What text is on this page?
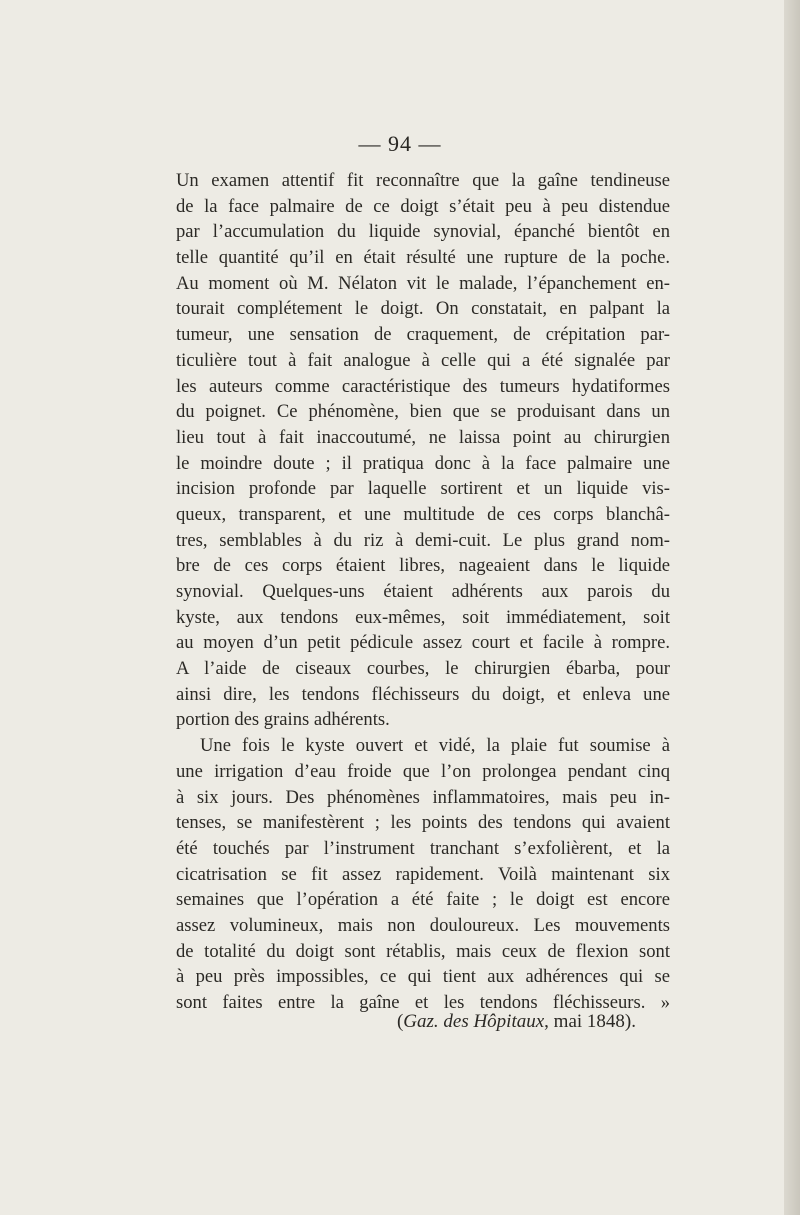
— 94 —
Un examen attentif fit reconnaître que la gaîne tendineuse
de la face palmaire de ce doigt s’était peu à peu distendue
par l’accumulation du liquide synovial, épanché bientôt en
telle quantité qu’il en était résulté une rupture de la poche.
Au moment où M. Nélaton vit le malade, l’épanchement en-
tourait complétement le doigt. On constatait, en palpant la
tumeur, une sensation de craquement, de crépitation par-
ticulière tout à fait analogue à celle qui a été signalée par
les auteurs comme caractéristique des tumeurs hydatiformes
du poignet. Ce phénomène, bien que se produisant dans un
lieu tout à fait inaccoutumé, ne laissa point au chirurgien
le moindre doute ; il pratiqua donc à la face palmaire une
incision profonde par laquelle sortirent et un liquide vis-
queux, transparent, et une multitude de ces corps blanchâ-
tres, semblables à du riz à demi-cuit. Le plus grand nom-
bre de ces corps étaient libres, nageaient dans le liquide
synovial. Quelques-uns étaient adhérents aux parois du
kyste, aux tendons eux-mêmes, soit immédiatement, soit
au moyen d’un petit pédicule assez court et facile à rompre.
A l’aide de ciseaux courbes, le chirurgien ébarba, pour
ainsi dire, les tendons fléchisseurs du doigt, et enleva une
portion des grains adhérents.
Une fois le kyste ouvert et vidé, la plaie fut soumise à
une irrigation d’eau froide que l’on prolongea pendant cinq
à six jours. Des phénomènes inflammatoires, mais peu in-
tenses, se manifestèrent ; les points des tendons qui avaient
été touchés par l’instrument tranchant s’exfolièrent, et la
cicatrisation se fit assez rapidement. Voilà maintenant six
semaines que l’opération a été faite ; le doigt est encore
assez volumineux, mais non douloureux. Les mouvements
de totalité du doigt sont rétablis, mais ceux de flexion sont
à peu près impossibles, ce qui tient aux adhérences qui se
sont faites entre la gaîne et les tendons fléchisseurs. »
(Gaz. des Hôpitaux, mai 1848).
